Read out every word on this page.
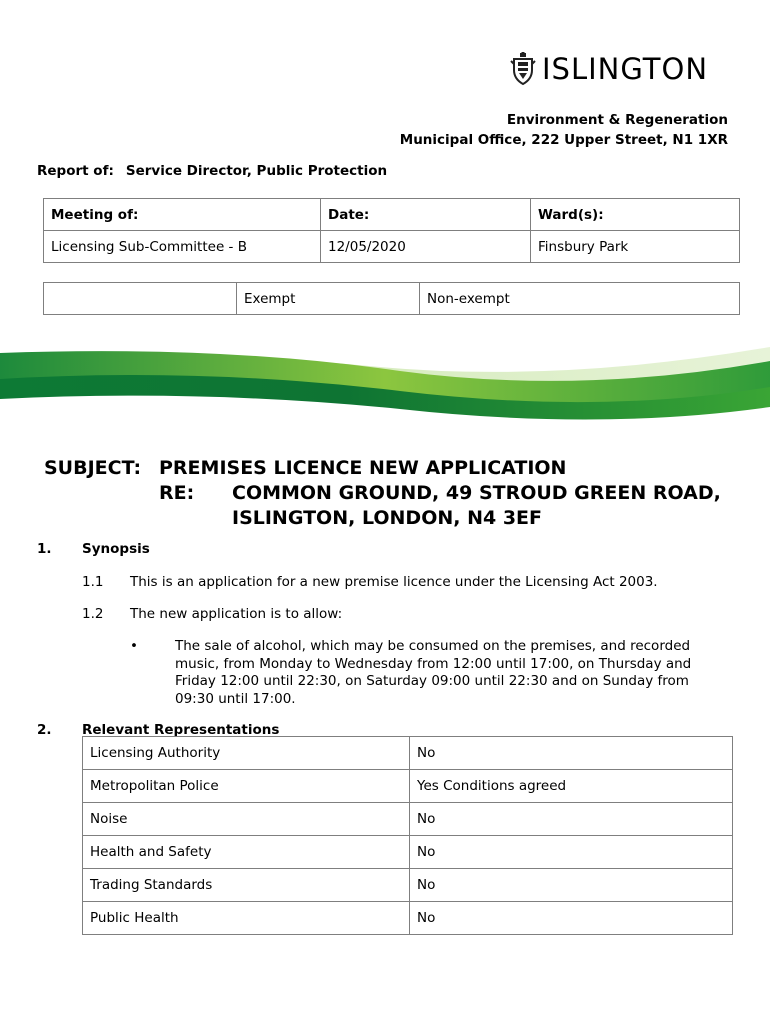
ISLINGTON
Environment & Regeneration
Municipal Office, 222 Upper Street, N1 1XR
Report of: Service Director, Public Protection
Meeting of:	Date:	Ward(s):
Licensing Sub-Committee - B	12/05/2020	Finsbury Park
	Exempt	Non-exempt
SUBJECT: PREMISES LICENCE NEW APPLICATION
RE:	COMMON GROUND, 49 STROUD GREEN ROAD,
ISLINGTON, LONDON, N4 3EF
1. Synopsis
1.1 This is an application for a new premise licence under the Licensing Act 2003.
1.2 The new application is to allow:
•	The sale of alcohol, which may be consumed on the premises, and recorded music, from Monday to Wednesday from 12:00 until 17:00, on Thursday and Friday 12:00 until 22:30, on Saturday 09:00 until 22:30 and on Sunday from 09:30 until 17:00.
2. Relevant Representations
Licensing Authority	No
Metropolitan Police	Yes Conditions agreed
Noise	No
Health and Safety	No
Trading Standards	No
Public Health	No
